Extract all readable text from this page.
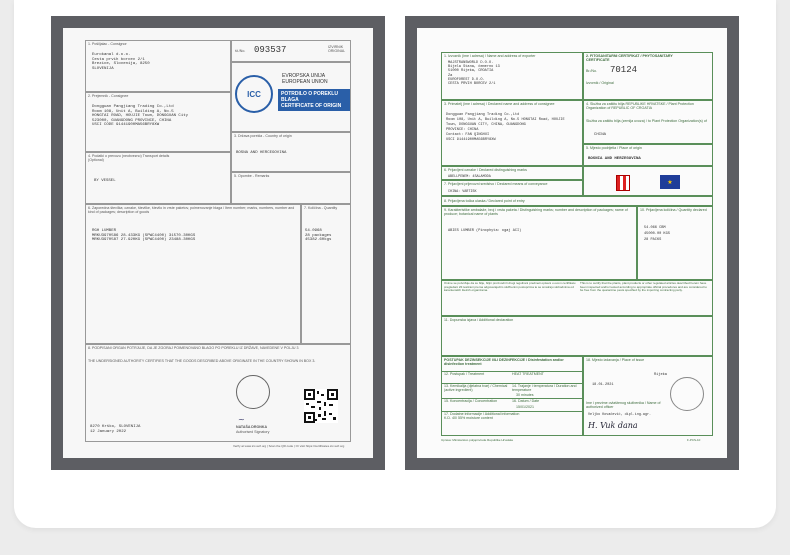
1. Pošiljalac - Consignor
Eurokanal d.o.o.
Cesta prvih borcev 2/1
Brezice, Slovenija, 8250
SLOVENIJA
št./No. 093537	IZVIRNIK ORIGINAL
ICC
EVROPSKA UNIJA
EUROPEAN UNION
POTRDILO O POREKLU BLAGA
CERTIFICATE OF ORIGIN
2. Prejemnik - Consignee
Dongguan Pangjiang Trading Co.,Ltd
Room 108, Unit A, Building A, No.5
HONGTAI ROAD, HOUJIE Town, DONGGUAN City
523000, GUANGDONG PROVINCE, CHINA
USCI CODE 91441900MA56BRY8XW
3. Država porekla - Country of origin
BOSNA AND HERCEGOVINA
4. Podatki o prevozu (neobvezno) Transport details (Optional)
BY VESSEL
5. Opombe - Remarks
6. Zaporedna številka; oznake, številke, število in vrste paketov, poimenovanje blaga / Item number; marks, numbers, number and kind of packages; description of goods
RGH LUMBER
MRKU3970586 28.433KG (SPWC4400) 31570.30KGS
MRKU3970587 27.920KG (SPWC4400) 23488.30KGS
7. Količina - Quantity
54.0968
28 packages
45382.60kgs
8. PODPISANI ORGAN POTRJUJE, DA JE ZGORAJ POIMENOVANO BLAGO PO POREKLU IZ DRŽAVE, NAVEDENE V POLJU 3
THE UNDERSIGNED AUTHORITY CERTIFIES THAT THE GOODS DESCRIBED ABOVE ORIGINATE IN THE COUNTRY SHOWN IN BOX 3.
~
NATAŠA DRONKA
Authorised Signatory
8270 Krško, SLOVENIJA
12 January 2022
Verify at www.icc-wcf.org | Scan the QR code | Or visit https://certificates.icc-wcf.org
1. Izvoznik (ime i adresa) / Name and address of exporter
MAJSTRANSWORLD D.O.O.
Bijela Stana, čemerno 13
51000 Rijeka, CROATIA
Za
EUROFOREST D.O.O.
CESTA PRVIH BORCEV 2/1
2. FITOSANITARNI CERTIFIKAT / PHYTOSANITARY CERTIFICATE
Br./No. 70124
Izvornik / Original
3. Primatelj (ime i adresa) / Declared name and address of consignee
Dongguan Pangjiang Trading Co.,Ltd
Room 108, Unit A, Building A, No.5 HONGTAI Road, HOUJIE
Town, DONGGUAN CITY, CHINA, GUANGDONG
PROVINCE: CHINA
Contact: FAN QINGHUI
USCI 91441900MA56BRY8XW
4. Služba za zaštitu bilja REPUBLIKE HRVATSKE / Plant Protection Organization of REPUBLIC OF CROATIA
Služba za zaštitu bilja (zemlja uvoza) / to Plant Protection Organization(s) of
CHINA
5. Mjesto podrijetla / Place of origin
BOSNIA AND HERZEGOVINA
6. Prijavljeni oznake / Declared distinguishing marks
ABELLPENEM: 4SALAMODA
★
7. Prijavljeni prijevozni sredstvo / Declared means of conveyance
CHINA: VARTISK
8. Prijavljena točka ulaska / Declared point of entry
9. Karakteristike ambalaže, broj i vrsta paketa / Distinguishing marks; number and description of packages; name of produce; botanical name of plants
ABIES LUMBER (Pinophyta: ogaj ACI)
10. Prijavljena količina / Quantity declared
54.066 CBM
45000.00 KGS
28 PACKS
Ovime se potvrđuje da su bilje, biljni proizvodi ili drugi regulirani predmeti opisani u ovom certifikatu pregledani i/ili testirani prema odgovarajućim službenim postupcima te se smatraju slobodnima od karantenskih štetnih organizama.
This is to certify that the plants, plant products or other regulated articles described herein have been inspected and/or tested according to appropriate official procedures and are considered to be free from the quarantine pests specified by the importing contracting party.
11. Dopunska izjava / Additional declaration
POSTUPAK DEZINSEKCIJE I/ILI DEZINFEKCIJE / Disinfestation and/or disinfection treatment
12. Postupak / Treatment	HEAT TREATMENT
13. Kemikalija (djelatna tvar) / Chemical (active ingredient)
14. Trajanje i temperatura / Duration and temperature
30 minutes
15. Koncentracija / Concentration	16. Datum / Date
15/01/2021
17. Dodatne informacije / Additional information
K.D. 40/ 55% moisture content
18. Mjesto izdavanja / Place of issue
Rijeka
18.01.2021
Ime i prezime ovlaštenog službenika / Name of authorized officer
Veljko Kovačević, dipl.ing.agr.
H. Vuk dana
Uprava: Ministarstvo poljoprivrede Republike Hrvatske	F-PCS-10
